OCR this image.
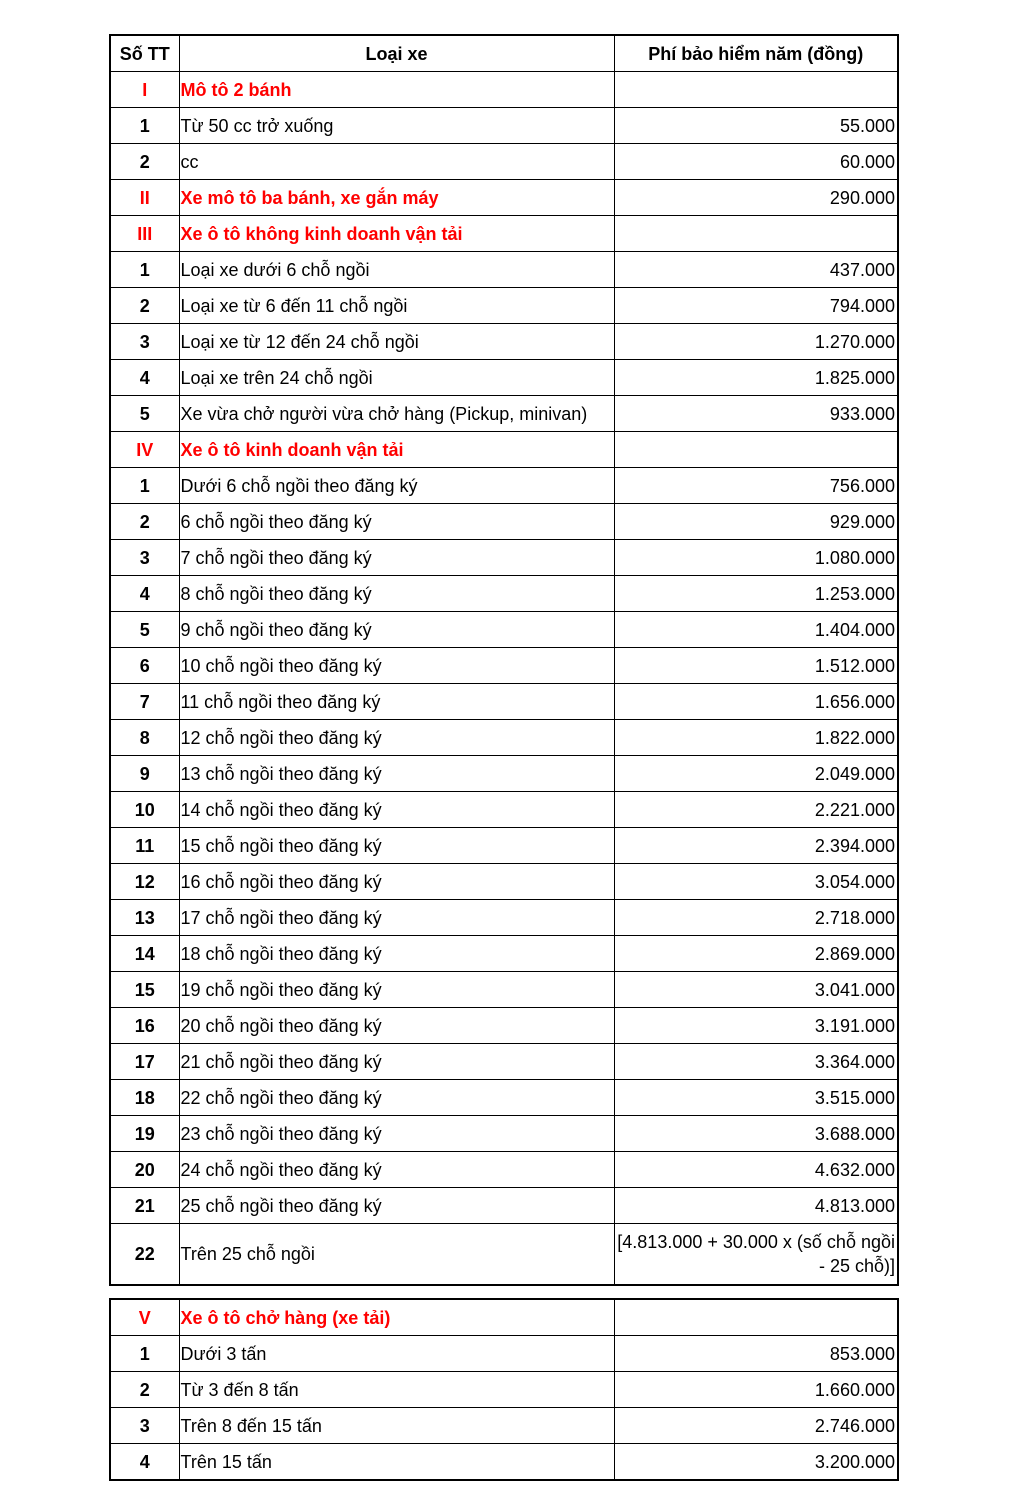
Số TT	Loại xe	Phí bảo hiểm năm (đồng)
I	Mô tô 2 bánh	
1	Từ 50 cc trở xuống	55.000
2	cc	60.000
II	Xe mô tô ba bánh, xe gắn máy	290.000
III	Xe ô tô không kinh doanh vận tải	
1	Loại xe dưới 6 chỗ ngồi	437.000
2	Loại xe từ 6 đến 11 chỗ ngồi	794.000
3	Loại xe từ 12 đến 24 chỗ ngồi	1.270.000
4	Loại xe trên 24 chỗ ngồi	1.825.000
5	Xe vừa chở người vừa chở hàng (Pickup, minivan)	933.000
IV	Xe ô tô kinh doanh vận tải	
1	Dưới 6 chỗ ngồi theo đăng ký	756.000
2	6 chỗ ngồi theo đăng ký	929.000
3	7 chỗ ngồi theo đăng ký	1.080.000
4	8 chỗ ngồi theo đăng ký	1.253.000
5	9 chỗ ngồi theo đăng ký	1.404.000
6	10 chỗ ngồi theo đăng ký	1.512.000
7	11 chỗ ngồi theo đăng ký	1.656.000
8	12 chỗ ngồi theo đăng ký	1.822.000
9	13 chỗ ngồi theo đăng ký	2.049.000
10	14 chỗ ngồi theo đăng ký	2.221.000
11	15 chỗ ngồi theo đăng ký	2.394.000
12	16 chỗ ngồi theo đăng ký	3.054.000
13	17 chỗ ngồi theo đăng ký	2.718.000
14	18 chỗ ngồi theo đăng ký	2.869.000
15	19 chỗ ngồi theo đăng ký	3.041.000
16	20 chỗ ngồi theo đăng ký	3.191.000
17	21 chỗ ngồi theo đăng ký	3.364.000
18	22 chỗ ngồi theo đăng ký	3.515.000
19	23 chỗ ngồi theo đăng ký	3.688.000
20	24 chỗ ngồi theo đăng ký	4.632.000
21	25 chỗ ngồi theo đăng ký	4.813.000
22	Trên 25 chỗ ngồi	[4.813.000 + 30.000 x (số chỗ ngồi - 25 chỗ)]
V	Xe ô tô chở hàng (xe tải)	
1	Dưới 3 tấn	853.000
2	Từ 3 đến 8 tấn	1.660.000
3	Trên 8 đến 15 tấn	2.746.000
4	Trên 15 tấn	3.200.000
